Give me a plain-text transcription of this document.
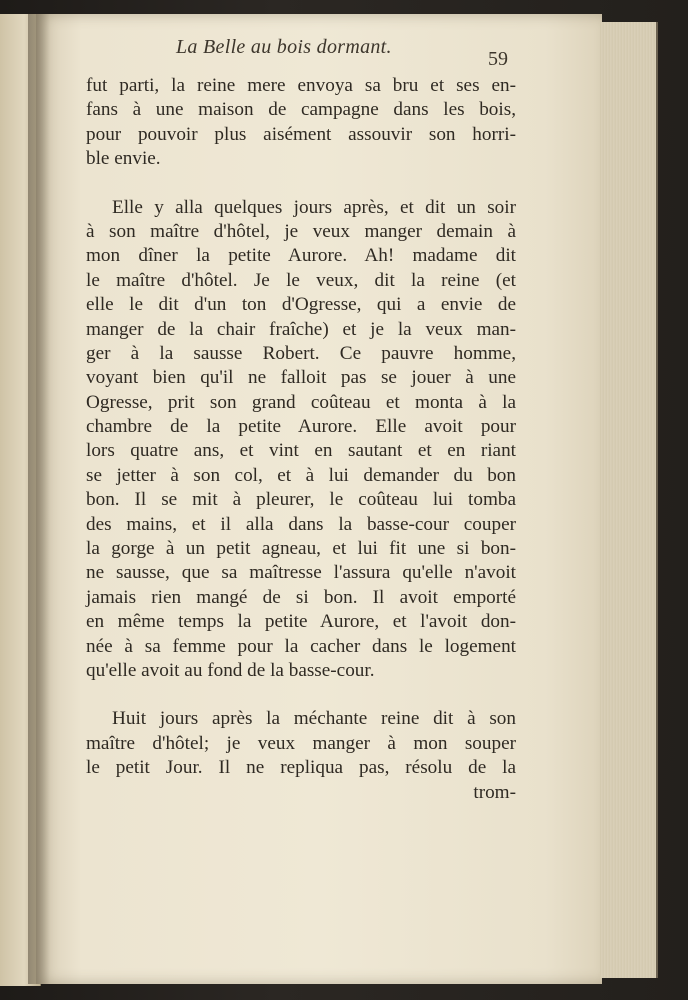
La Belle au bois dormant.
59
fut parti, la reine mere envoya sa bru et ses en-
fans à une maison de campagne dans les bois,
pour pouvoir plus aisément assouvir son horri-
ble envie.
Elle y alla quelques jours après, et dit un soir
à son maître d'hôtel, je veux manger demain à
mon dîner la petite Aurore. Ah! madame dit
le maître d'hôtel. Je le veux, dit la reine (et
elle le dit d'un ton d'Ogresse, qui a envie de
manger de la chair fraîche) et je la veux man-
ger à la sausse Robert. Ce pauvre homme,
voyant bien qu'il ne falloit pas se jouer à une
Ogresse, prit son grand coûteau et monta à la
chambre de la petite Aurore. Elle avoit pour
lors quatre ans, et vint en sautant et en riant
se jetter à son col, et à lui demander du bon
bon. Il se mit à pleurer, le coûteau lui tomba
des mains, et il alla dans la basse-cour couper
la gorge à un petit agneau, et lui fit une si bon-
ne sausse, que sa maîtresse l'assura qu'elle n'avoit
jamais rien mangé de si bon. Il avoit emporté
en même temps la petite Aurore, et l'avoit don-
née à sa femme pour la cacher dans le logement
qu'elle avoit au fond de la basse-cour.
Huit jours après la méchante reine dit à son
maître d'hôtel; je veux manger à mon souper
le petit Jour. Il ne repliqua pas, résolu de la
trom-
